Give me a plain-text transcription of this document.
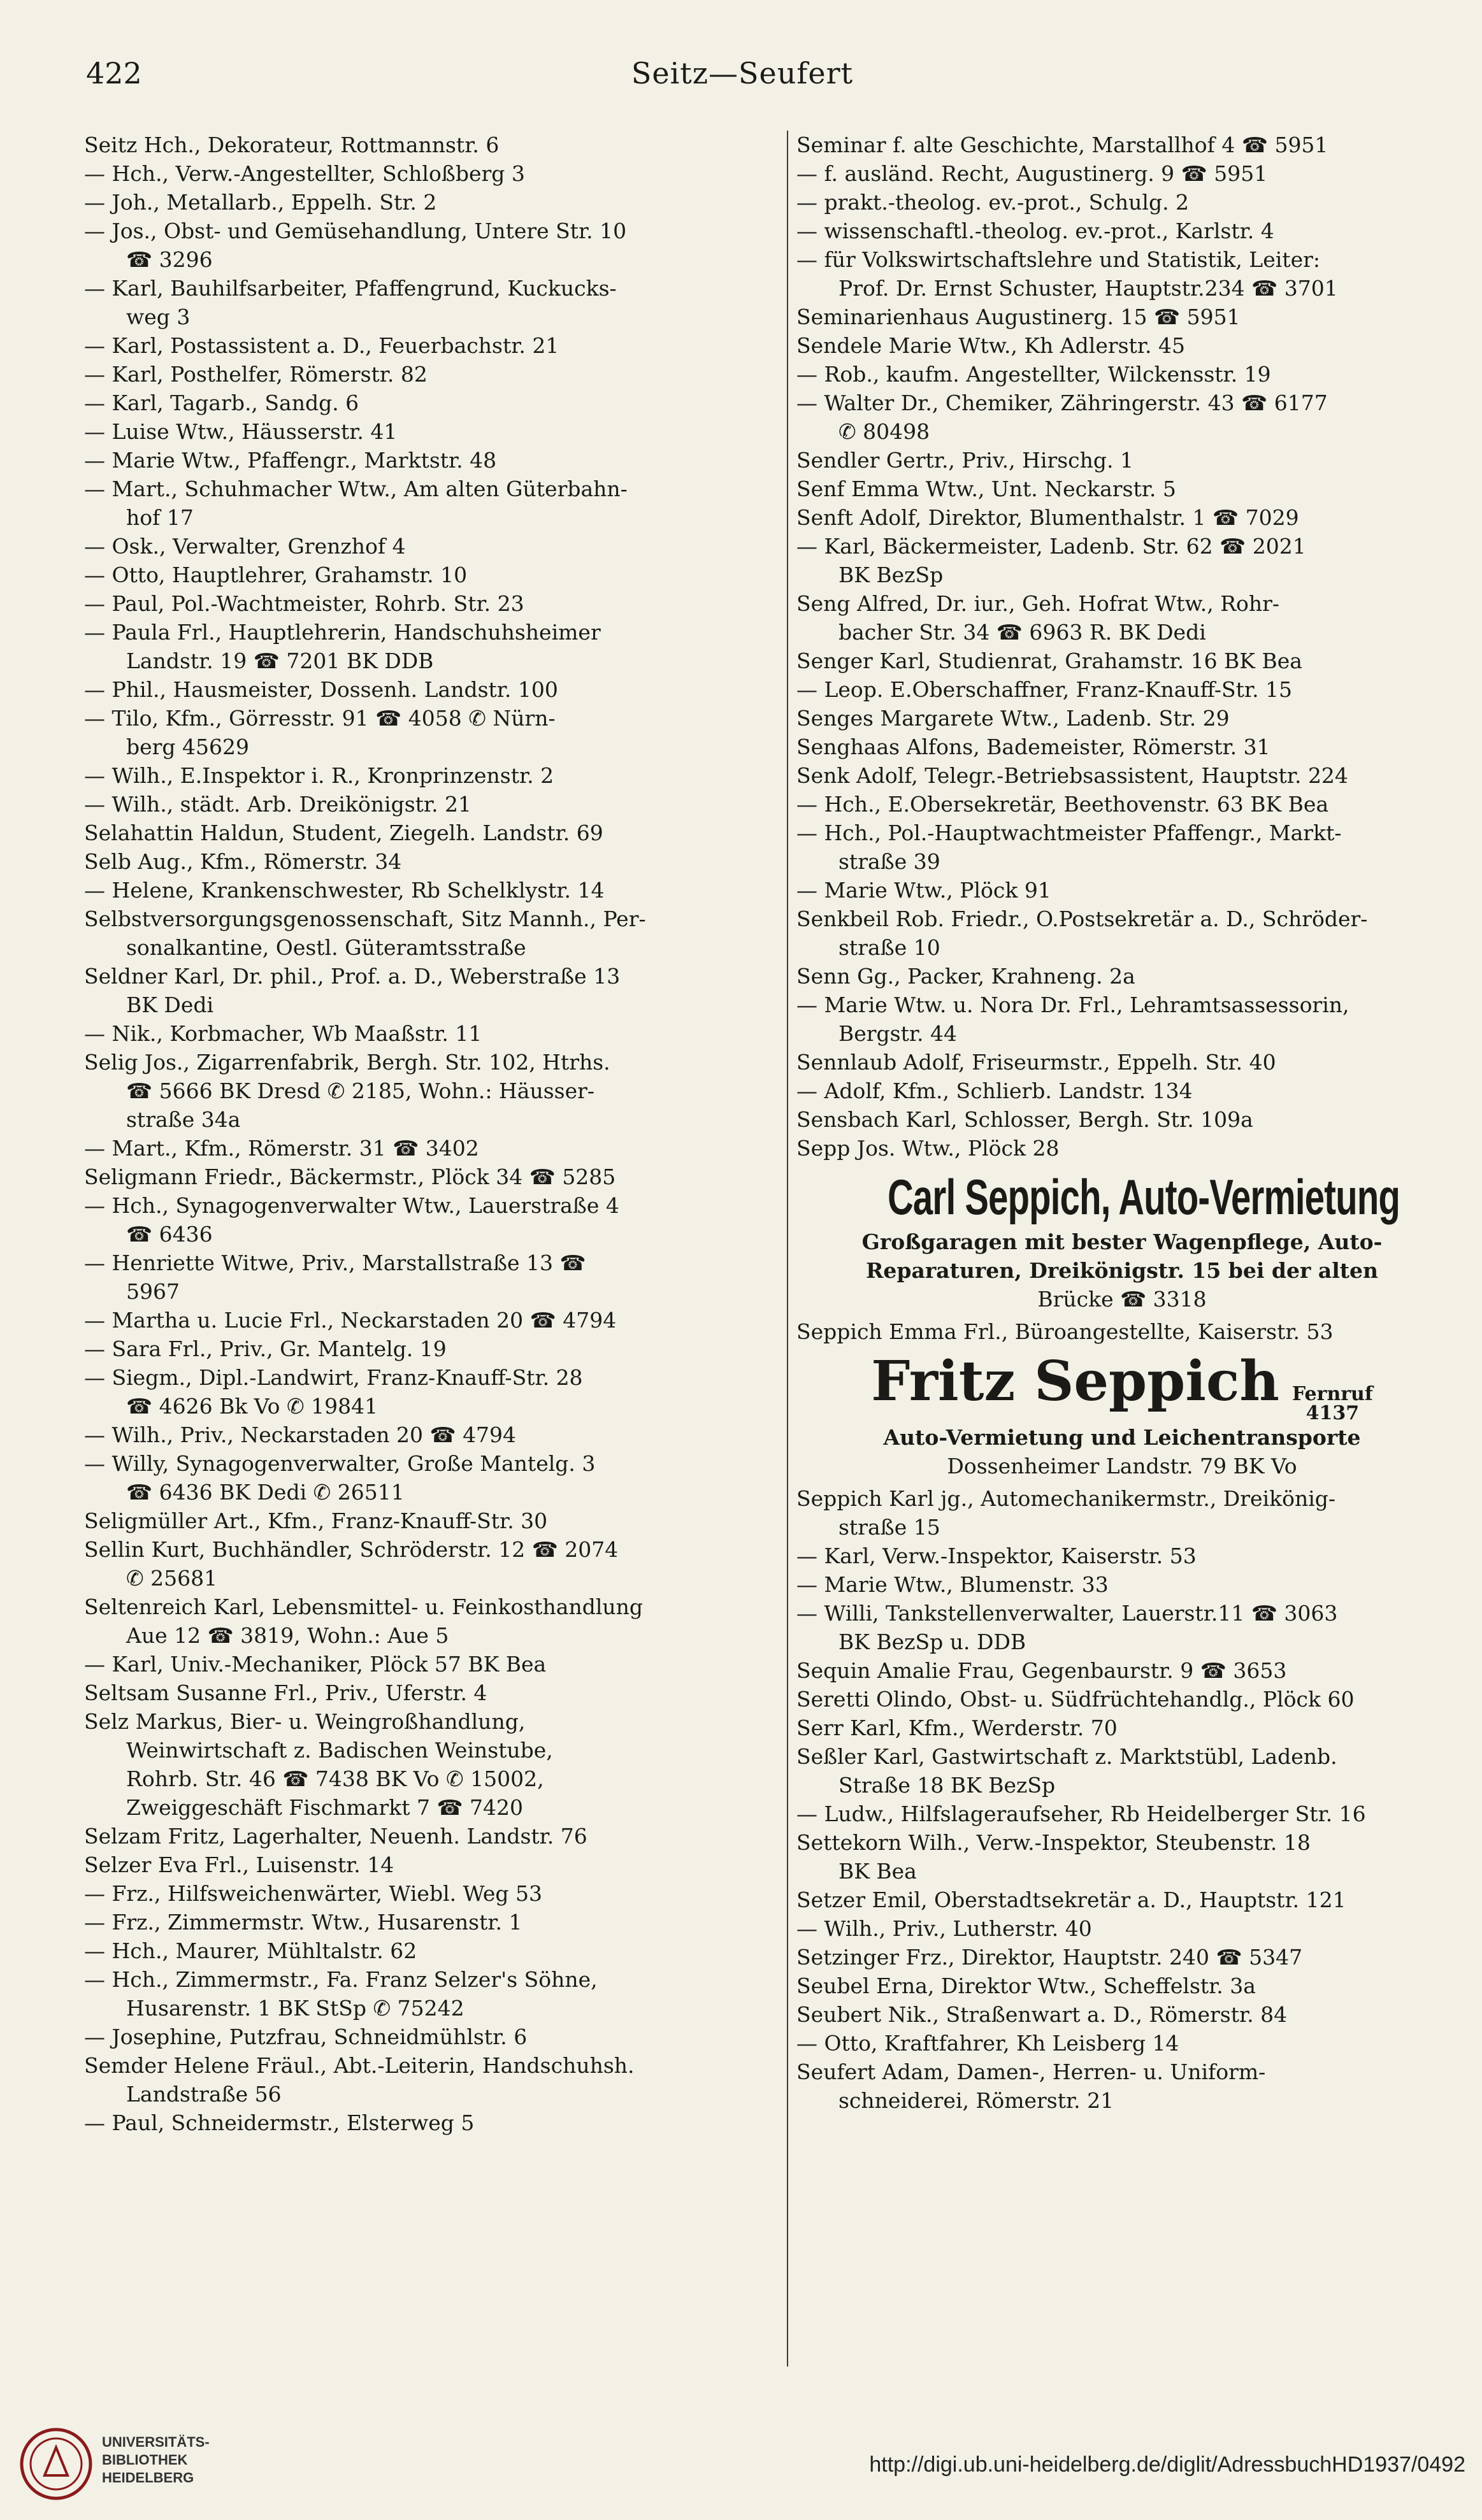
422	Seitz—Seufert
Seitz Hch., Dekorateur, Rottmannstr. 6
— Hch., Verw.-Angestellter, Schloßberg 3
— Joh., Metallarb., Eppelh. Str. 2
— Jos., Obst- und Gemüsehandlung, Untere Str. 10
  ☎ 3296
— Karl, Bauhilfsarbeiter, Pfaffengrund, Kuckucks-
  weg 3
— Karl, Postassistent a. D., Feuerbachstr. 21
— Karl, Posthelfer, Römerstr. 82
— Karl, Tagarb., Sandg. 6
— Luise Wtw., Häusserstr. 41
— Marie Wtw., Pfaffengr., Marktstr. 48
— Mart., Schuhmacher Wtw., Am alten Güterbahn-
  hof 17
— Osk., Verwalter, Grenzhof 4
— Otto, Hauptlehrer, Grahamstr. 10
— Paul, Pol.-Wachtmeister, Rohrb. Str. 23
— Paula Frl., Hauptlehrerin, Handschuhsheimer
  Landstr. 19 ☎ 7201 BK DDB
— Phil., Hausmeister, Dossenh. Landstr. 100
— Tilo, Kfm., Görresstr. 91 ☎ 4058 ✆ Nürn-
  berg 45629
— Wilh., E.Inspektor i. R., Kronprinzenstr. 2
— Wilh., städt. Arb. Dreikönigstr. 21
Selahattin Haldun, Student, Ziegelh. Landstr. 69
Selb Aug., Kfm., Römerstr. 34
— Helene, Krankenschwester, Rb Schelklystr. 14
Selbstversorgungsgenossenschaft, Sitz Mannh., Per-
  sonalkantine, Oestl. Güteramtsstraße
Seldner Karl, Dr. phil., Prof. a. D., Weberstraße 13
  BK Dedi
— Nik., Korbmacher, Wb Maaßstr. 11
Selig Jos., Zigarrenfabrik, Bergh. Str. 102, Htrhs.
  ☎ 5666 BK Dresd ✆ 2185, Wohn.: Häusser-
  straße 34a
— Mart., Kfm., Römerstr. 31 ☎ 3402
Seligmann Friedr., Bäckermstr., Plöck 34 ☎ 5285
— Hch., Synagogenverwalter Wtw., Lauerstraße 4
  ☎ 6436
— Henriette Witwe, Priv., Marstallstraße 13 ☎
  5967
— Martha u. Lucie Frl., Neckarstaden 20 ☎ 4794
— Sara Frl., Priv., Gr. Mantelg. 19
— Siegm., Dipl.-Landwirt, Franz-Knauff-Str. 28
  ☎ 4626 Bk Vo ✆ 19841
— Wilh., Priv., Neckarstaden 20 ☎ 4794
— Willy, Synagogenverwalter, Große Mantelg. 3
  ☎ 6436 BK Dedi ✆ 26511
Seligmüller Art., Kfm., Franz-Knauff-Str. 30
Sellin Kurt, Buchhändler, Schröderstr. 12 ☎ 2074
  ✆ 25681
Seltenreich Karl, Lebensmittel- u. Feinkosthandlung
  Aue 12 ☎ 3819, Wohn.: Aue 5
— Karl, Univ.-Mechaniker, Plöck 57 BK Bea
Seltsam Susanne Frl., Priv., Uferstr. 4
Selz Markus, Bier- u. Weingroßhandlung,
  Weinwirtschaft z. Badischen Weinstube,
  Rohrb. Str. 46 ☎ 7438 BK Vo ✆ 15002,
  Zweiggeschäft Fischmarkt 7 ☎ 7420
Selzam Fritz, Lagerhalter, Neuenh. Landstr. 76
Selzer Eva Frl., Luisenstr. 14
— Frz., Hilfsweichenwärter, Wiebl. Weg 53
— Frz., Zimmermstr. Wtw., Husarenstr. 1
— Hch., Maurer, Mühltalstr. 62
— Hch., Zimmermstr., Fa. Franz Selzer's Söhne,
  Husarenstr. 1 BK StSp ✆ 75242
— Josephine, Putzfrau, Schneidmühlstr. 6
Semder Helene Fräul., Abt.-Leiterin, Handschuhsh.
  Landstraße 56
— Paul, Schneidermstr., Elsterweg 5
Seminar f. alte Geschichte, Marstallhof 4 ☎ 5951
— f. ausländ. Recht, Augustinerg. 9 ☎ 5951
— prakt.-theolog. ev.-prot., Schulg. 2
— wissenschaftl.-theolog. ev.-prot., Karlstr. 4
— für Volkswirtschaftslehre und Statistik, Leiter:
  Prof. Dr. Ernst Schuster, Hauptstr.234 ☎ 3701
Seminarienhaus Augustinerg. 15 ☎ 5951
Sendele Marie Wtw., Kh Adlerstr. 45
— Rob., kaufm. Angestellter, Wilckensstr. 19
— Walter Dr., Chemiker, Zähringerstr. 43 ☎ 6177
  ✆ 80498
Sendler Gertr., Priv., Hirschg. 1
Senf Emma Wtw., Unt. Neckarstr. 5
Senft Adolf, Direktor, Blumenthalstr. 1 ☎ 7029
— Karl, Bäckermeister, Ladenb. Str. 62 ☎ 2021
  BK BezSp
Seng Alfred, Dr. iur., Geh. Hofrat Wtw., Rohr-
  bacher Str. 34 ☎ 6963 R. BK Dedi
Senger Karl, Studienrat, Grahamstr. 16 BK Bea
— Leop. E.Oberschaffner, Franz-Knauff-Str. 15
Senges Margarete Wtw., Ladenb. Str. 29
Senghaas Alfons, Bademeister, Römerstr. 31
Senk Adolf, Telegr.-Betriebsassistent, Hauptstr. 224
— Hch., E.Obersekretär, Beethovenstr. 63 BK Bea
— Hch., Pol.-Hauptwachtmeister Pfaffengr., Markt-
  straße 39
— Marie Wtw., Plöck 91
Senkbeil Rob. Friedr., O.Postsekretär a. D., Schröder-
  straße 10
Senn Gg., Packer, Krahneng. 2a
— Marie Wtw. u. Nora Dr. Frl., Lehramtsassessorin,
  Bergstr. 44
Sennlaub Adolf, Friseurmstr., Eppelh. Str. 40
— Adolf, Kfm., Schlierb. Landstr. 134
Sensbach Karl, Schlosser, Bergh. Str. 109a
Sepp Jos. Wtw., Plöck 28
Carl Seppich, Auto-Vermietung
Großgaragen mit bester Wagenpflege, Auto-
Reparaturen, Dreikönigstr. 15 bei der alten
Brücke ☎ 3318
Seppich Emma Frl., Büroangestellte, Kaiserstr. 53
Fritz Seppich Fernruf
4137
Auto-Vermietung und Leichentransporte
Dossenheimer Landstr. 79 BK Vo
Seppich Karl jg., Automechanikermstr., Dreikönig-
  straße 15
— Karl, Verw.-Inspektor, Kaiserstr. 53
— Marie Wtw., Blumenstr. 33
— Willi, Tankstellenverwalter, Lauerstr.11 ☎ 3063
  BK BezSp u. DDB
Sequin Amalie Frau, Gegenbaurstr. 9 ☎ 3653
Seretti Olindo, Obst- u. Südfrüchtehandlg., Plöck 60
Serr Karl, Kfm., Werderstr. 70
Seßler Karl, Gastwirtschaft z. Marktstübl, Ladenb.
  Straße 18 BK BezSp
— Ludw., Hilfslageraufseher, Rb Heidelberger Str. 16
Settekorn Wilh., Verw.-Inspektor, Steubenstr. 18
  BK Bea
Setzer Emil, Oberstadtsekretär a. D., Hauptstr. 121
— Wilh., Priv., Lutherstr. 40
Setzinger Frz., Direktor, Hauptstr. 240 ☎ 5347
Seubel Erna, Direktor Wtw., Scheffelstr. 3a
Seubert Nik., Straßenwart a. D., Römerstr. 84
— Otto, Kraftfahrer, Kh Leisberg 14
Seufert Adam, Damen-, Herren- u. Uniform-
  schneiderei, Römerstr. 21
UNIVERSITÄTS-
BIBLIOTHEK
HEIDELBERG
http://digi.ub.uni-heidelberg.de/diglit/AdressbuchHD1937/0492
